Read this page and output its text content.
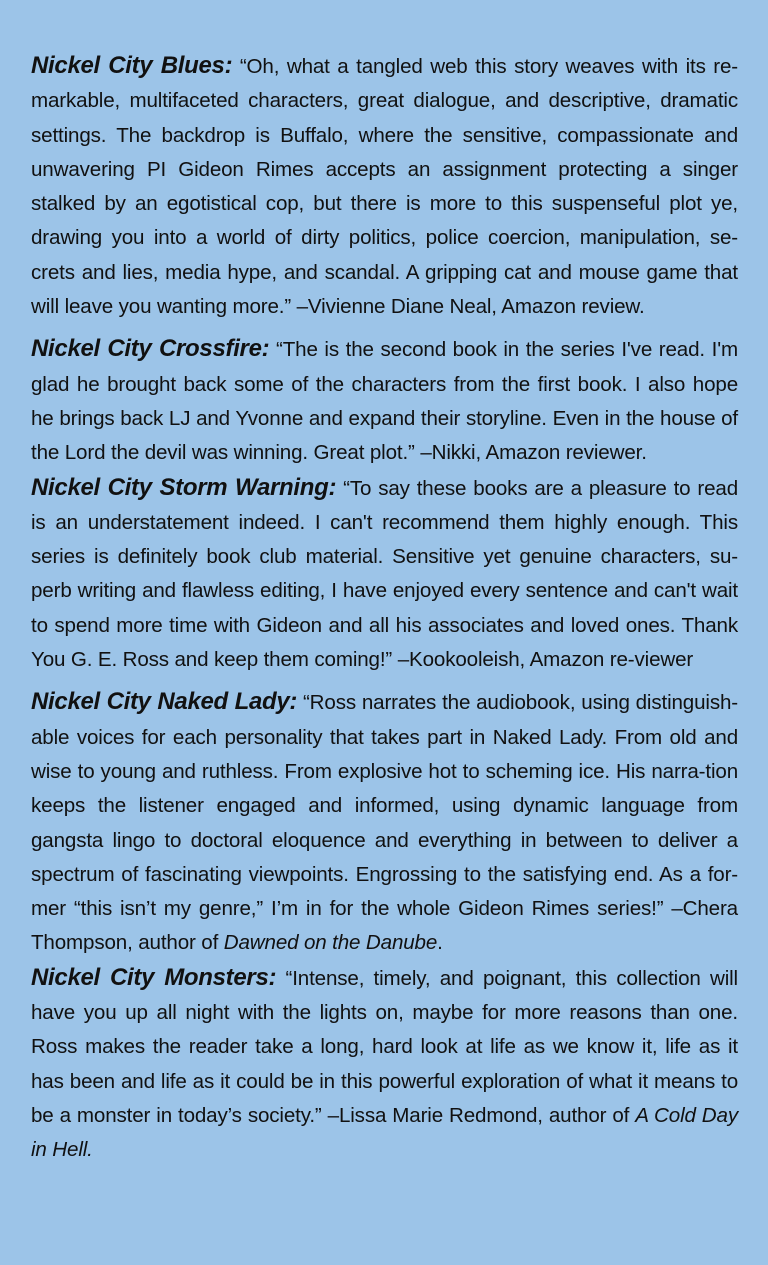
Nickel City Blues: “Oh, what a tangled web this story weaves with its re-markable, multifaceted characters, great dialogue, and descriptive, dramatic settings. The backdrop is Buffalo, where the sensitive, compassionate and unwavering PI Gideon Rimes accepts an assignment protecting a singer stalked by an egotistical cop, but there is more to this suspenseful plot ye, drawing you into a world of dirty politics, police coercion, manipulation, se-crets and lies, media hype, and scandal. A gripping cat and mouse game that will leave you wanting more.” –Vivienne Diane Neal, Amazon review.

Nickel City Crossfire: “The is the second book in the series I've read. I'm glad he brought back some of the characters from the first book. I also hope he brings back LJ and Yvonne and expand their storyline. Even in the house of the Lord the devil was winning. Great plot.” –Nikki, Amazon reviewer.

Nickel City Storm Warning: “To say these books are a pleasure to read is an understatement indeed. I can't recommend them highly enough. This series is definitely book club material. Sensitive yet genuine characters, su-perb writing and flawless editing, I have enjoyed every sentence and can't wait to spend more time with Gideon and all his associates and loved ones. Thank You G. E. Ross and keep them coming!” –Kookooleish, Amazon re-viewer

Nickel City Naked Lady: “Ross narrates the audiobook, using distinguish-able voices for each personality that takes part in Naked Lady. From old and wise to young and ruthless. From explosive hot to scheming ice. His narra-tion keeps the listener engaged and informed, using dynamic language from gangsta lingo to doctoral eloquence and everything in between to deliver a spectrum of fascinating viewpoints. Engrossing to the satisfying end. As a for-mer “this isn’t my genre,” I’m in for the whole Gideon Rimes series!” –Chera Thompson, author of Dawned on the Danube.

Nickel City Monsters: “Intense, timely, and poignant, this collection will have you up all night with the lights on, maybe for more reasons than one. Ross makes the reader take a long, hard look at life as we know it, life as it has been and life as it could be in this powerful exploration of what it means to be a monster in today’s society.” –Lissa Marie Redmond, author of A Cold Day in Hell.
